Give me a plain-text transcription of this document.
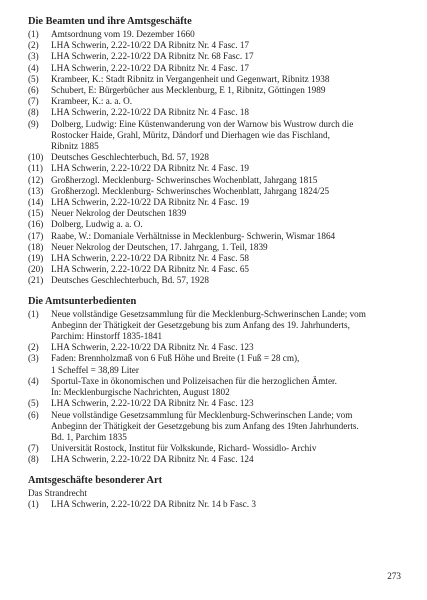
Die Beamten und ihre Amtsgeschäfte
(1)	Amtsordnung vom 19. Dezember 1660
(2)	LHA Schwerin, 2.22-10/22 DA Ribnitz Nr. 4 Fasc. 17
(3)	LHA Schwerin, 2.22-10/22 DA Ribnitz Nr. 68 Fasc. 17
(4)	LHA Schwerin, 2.22-10/22 DA Ribnitz Nr. 4 Fasc. 17
(5)	Krambeer, K.: Stadt Ribnitz in Vergangenheit und Gegenwart, Ribnitz 1938
(6)	Schubert, E: Bürgerbücher aus Mecklenburg, E 1, Ribnitz, Göttingen 1989
(7)	Krambeer, K.: a. a. O.
(8)	LHA Schwerin, 2.22-10/22 DA Ribnitz Nr. 4 Fasc. 18
(9)	Dolberg, Ludwig: Eine Küstenwanderung von der Warnow bis Wustrow durch die
Rostocker Haide, Grahl, Müritz, Dändorf und Dierhagen wie das Fischland,
Ribnitz 1885
(10) Deutsches Geschlechterbuch, Bd. 57, 1928
(11) LHA Schwerin, 2.22-10/22 DA Ribnitz Nr. 4 Fasc. 19
(12) Großherzogl. Mecklenburg- Schwerinsches Wochenblatt, Jahrgang 1815
(13) Großherzogl. Mecklenburg- Schwerinsches Wochenblatt, Jahrgang 1824/25
(14) LHA Schwerin, 2.22-10/22 DA Ribnitz Nr. 4 Fasc. 19
(15) Neuer Nekrolog der Deutschen 1839
(16) Dolberg, Ludwig a. a. O.
(17) Raabe, W.: Domaniale Verhältnisse in Mecklenburg- Schwerin, Wismar 1864
(18) Neuer Nekrolog der Deutschen, 17. Jahrgang, 1. Teil, 1839
(19) LHA Schwerin, 2.22-10/22 DA Ribnitz Nr. 4 Fasc. 58
(20) LHA Schwerin, 2.22-10/22 DA Ribnitz Nr. 4 Fasc. 65
(21) Deutsches Geschlechterbuch, Bd. 57, 1928
Die Amtsunterbedienten
(1)	Neue vollständige Gesetzsammlung für die Mecklenburg-Schwerinschen Lande; vom
Anbeginn der Thätigkeit der Gesetzgebung bis zum Anfang des 19. Jahrhunderts,
Parchim: Hinstorff 1835-1841
(2)	LHA Schwerin, 2.22-10/22 DA Ribnitz Nr. 4 Fasc. 123
(3)	Faden: Brennholzmaß von 6 Fuß Höhe und Breite (1 Fuß = 28 cm),
1 Scheffel = 38,89 Liter
(4)	Sportul-Taxe in ökonomischen und Polizeisachen für die herzoglichen Ämter.
In: Mecklenburgische Nachrichten, August 1802
(5)	LHA Schwerin, 2.22-10/22 DA Ribnitz Nr. 4 Fasc. 123
(6)	Neue vollständige Gesetzsammlung für Mecklenburg-Schwerinschen Lande; vom
Anbeginn der Thätigkeit der Gesetzgebung bis zum Anfang des 19ten Jahrhunderts.
Bd. 1, Parchim 1835
(7)	Universität Rostock, Institut für Volkskunde, Richard- Wossidlo- Archiv
(8)	LHA Schwerin, 2.22-10/22 DA Ribnitz Nr. 4 Fasc. 124
Amtsgeschäfte besonderer Art
Das Strandrecht
(1)	LHA Schwerin, 2.22-10/22 DA Ribnitz Nr. 14 b Fasc. 3
273
